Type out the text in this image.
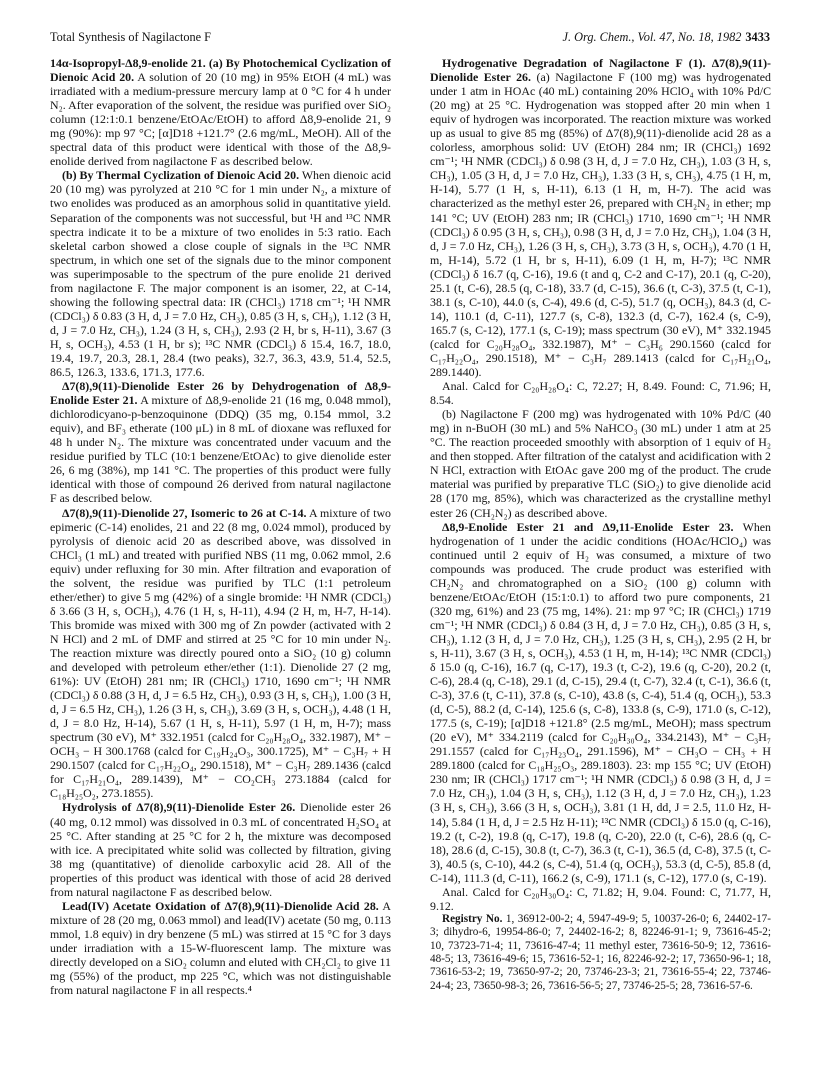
Total Synthesis of Nagilactone F	J. Org. Chem., Vol. 47, No. 18, 1982 3433

14α-Isopropyl-Δ8,9-enolide 21. (a) By Photochemical Cyclization of Dienoic Acid 20. A solution of 20 (10 mg) in 95% EtOH (4 mL) was irradiated with a medium-pressure mercury lamp at 0 °C for 4 h under N₂. After evaporation of the solvent, the residue was purified over SiO₂ column (12:1:0.1 benzene/EtOAc/EtOH) to afford Δ8,9-enolide 21, 9 mg (90%): mp 97 °C; [α]D18 +121.7° (2.6 mg/mL, MeOH). All of the spectral data of this product were identical with those of the Δ8,9-enolide derived from nagilactone F as described below.

(b) By Thermal Cyclization of Dienoic Acid 20. When dienoic acid 20 (10 mg) was pyrolyzed at 210 °C for 1 min under N₂, a mixture of two enolides was produced as an amorphous solid in quantitative yield. Separation of the components was not successful, but ¹H and ¹³C NMR spectra indicate it to be a mixture of two enolides in 5:3 ratio. Each skeletal carbon showed a close couple of signals in the ¹³C NMR spectrum, in which one set of the signals due to the minor component was superimposable to the spectrum of the pure enolide 21 derived from nagilactone F. The major component is an isomer, 22, at C-14, showing the following spectral data: IR (CHCl₃) 1718 cm⁻¹; ¹H NMR (CDCl₃) δ 0.83 (3 H, d, J = 7.0 Hz, CH₃), 0.85 (3 H, s, CH₃), 1.12 (3 H, d, J = 7.0 Hz, CH₃), 1.24 (3 H, s, CH₃), 2.93 (2 H, br s, H-11), 3.67 (3 H, s, OCH₃), 4.53 (1 H, br s); ¹³C NMR (CDCl₃) δ 15.4, 16.7, 18.0, 19.4, 19.7, 20.3, 28.1, 28.4 (two peaks), 32.7, 36.3, 43.9, 51.4, 52.5, 86.5, 126.3, 133.6, 171.3, 177.6.

Δ7(8),9(11)-Dienolide Ester 26 by Dehydrogenation of Δ8,9-Enolide Ester 21. A mixture of Δ8,9-enolide 21 (16 mg, 0.048 mmol), dichlorodicyano-p-benzoquinone (DDQ) (35 mg, 0.154 mmol, 3.2 equiv), and BF₃ etherate (100 μL) in 8 mL of dioxane was refluxed for 48 h under N₂. The mixture was concentrated under vacuum and the residue purified by TLC (10:1 benzene/EtOAc) to give dienolide ester 26, 6 mg (38%), mp 141 °C. The properties of this product were fully identical with those of compound 26 derived from natural nagilactone F as described below.

Δ7(8),9(11)-Dienolide 27, Isomeric to 26 at C-14. A mixture of two epimeric (C-14) enolides, 21 and 22 (8 mg, 0.024 mmol), produced by pyrolysis of dienoic acid 20 as described above, was dissolved in CHCl₃ (1 mL) and treated with purified NBS (11 mg, 0.062 mmol, 2.6 equiv) under refluxing for 30 min. After filtration and evaporation of the solvent, the residue was purified by TLC (1:1 petroleum ether/ether) to give 5 mg (42%) of a single bromide: ¹H NMR (CDCl₃) δ 3.66 (3 H, s, OCH₃), 4.76 (1 H, s, H-11), 4.94 (2 H, m, H-7, H-14). This bromide was mixed with 300 mg of Zn powder (activated with 2 N HCl) and 2 mL of DMF and stirred at 25 °C for 10 min under N₂. The reaction mixture was directly poured onto a SiO₂ (10 g) column and developed with petroleum ether/ether (1:1). Dienolide 27 (2 mg, 61%): UV (EtOH) 281 nm; IR (CHCl₃) 1710, 1690 cm⁻¹; ¹H NMR (CDCl₃) δ 0.88 (3 H, d, J = 6.5 Hz, CH₃), 0.93 (3 H, s, CH₃), 1.00 (3 H, d, J = 6.5 Hz, CH₃), 1.26 (3 H, s, CH₃), 3.69 (3 H, s, OCH₃), 4.48 (1 H, d, J = 8.0 Hz, H-14), 5.67 (1 H, s, H-11), 5.97 (1 H, m, H-7); mass spectrum (30 eV), M⁺ 332.1951 (calcd for C₂₀H₂₈O₄, 332.1987), M⁺ − OCH₃ − H 300.1768 (calcd for C₁₉H₂₄O₃, 300.1725), M⁺ − C₃H₇ + H 290.1507 (calcd for C₁₇H₂₂O₄, 290.1518), M⁺ − C₃H₇ 289.1436 (calcd for C₁₇H₂₁O₄, 289.1439), M⁺ − CO₂CH₃ 273.1884 (calcd for C₁₈H₂₅O₂, 273.1855).

Hydrolysis of Δ7(8),9(11)-Dienolide Ester 26. Dienolide ester 26 (40 mg, 0.12 mmol) was dissolved in 0.3 mL of concentrated H₂SO₄ at 25 °C. After standing at 25 °C for 2 h, the mixture was decomposed with ice. A precipitated white solid was collected by filtration, giving 38 mg (quantitative) of dienolide carboxylic acid 28. All of the properties of this product was identical with those of acid 28 derived from natural nagilactone F as described below.

Lead(IV) Acetate Oxidation of Δ7(8),9(11)-Dienolide Acid 28. A mixture of 28 (20 mg, 0.063 mmol) and lead(IV) acetate (50 mg, 0.113 mmol, 1.8 equiv) in dry benzene (5 mL) was stirred at 15 °C for 3 days under irradiation with a 15-W-fluorescent lamp. The mixture was directly developed on a SiO₂ column and eluted with CH₂Cl₂ to give 11 mg (55%) of the product, mp 225 °C, which was not distinguishable from natural nagilactone F in all respects.⁴

Hydrogenative Degradation of Nagilactone F (1). Δ7(8),9(11)-Dienolide Ester 26. (a) Nagilactone F (100 mg) was hydrogenated under 1 atm in HOAc (40 mL) containing 20% HClO₄ with 10% Pd/C (20 mg) at 25 °C. Hydrogenation was stopped after 20 min when 1 equiv of hydrogen was incorporated. The reaction mixture was worked up as usual to give 85 mg (85%) of Δ7(8),9(11)-dienolide acid 28 as a colorless, amorphous solid: UV (EtOH) 284 nm; IR (CHCl₃) 1692 cm⁻¹; ¹H NMR (CDCl₃) δ 0.98 (3 H, d, J = 7.0 Hz, CH₃), 1.03 (3 H, s, CH₃), 1.05 (3 H, d, J = 7.0 Hz, CH₃), 1.33 (3 H, s, CH₃), 4.75 (1 H, m, H-14), 5.77 (1 H, s, H-11), 6.13 (1 H, m, H-7). The acid was characterized as the methyl ester 26, prepared with CH₂N₂ in ether; mp 141 °C; UV (EtOH) 283 nm; IR (CHCl₃) 1710, 1690 cm⁻¹; ¹H NMR (CDCl₃) δ 0.95 (3 H, s, CH₃), 0.98 (3 H, d, J = 7.0 Hz, CH₃), 1.04 (3 H, d, J = 7.0 Hz, CH₃), 1.26 (3 H, s, CH₃), 3.73 (3 H, s, OCH₃), 4.70 (1 H, m, H-14), 5.72 (1 H, br s, H-11), 6.09 (1 H, m, H-7); ¹³C NMR (CDCl₃) δ 16.7 (q, C-16), 19.6 (t and q, C-2 and C-17), 20.1 (q, C-20), 25.1 (t, C-6), 28.5 (q, C-18), 33.7 (d, C-15), 36.6 (t, C-3), 37.5 (t, C-1), 38.1 (s, C-10), 44.0 (s, C-4), 49.6 (d, C-5), 51.7 (q, OCH₃), 84.3 (d, C-14), 110.1 (d, C-11), 127.7 (s, C-8), 132.3 (d, C-7), 162.4 (s, C-9), 165.7 (s, C-12), 177.1 (s, C-19); mass spectrum (30 eV), M⁺ 332.1945 (calcd for C₂₀H₂₈O₄, 332.1987), M⁺ − C₃H₆ 290.1560 (calcd for C₁₇H₂₂O₄, 290.1518), M⁺ − C₃H₇ 289.1413 (calcd for C₁₇H₂₁O₄, 289.1440).

Anal. Calcd for C₂₀H₂₈O₄: C, 72.27; H, 8.49. Found: C, 71.96; H, 8.54.

(b) Nagilactone F (200 mg) was hydrogenated with 10% Pd/C (40 mg) in n-BuOH (30 mL) and 5% NaHCO₃ (30 mL) under 1 atm at 25 °C. The reaction proceeded smoothly with absorption of 1 equiv of H₂ and then stopped. After filtration of the catalyst and acidification with 2 N HCl, extraction with EtOAc gave 200 mg of the product. The crude material was purified by preparative TLC (SiO₂) to give dienolide acid 28 (170 mg, 85%), which was characterized as the crystalline methyl ester 26 (CH₂N₂) as described above.

Δ8,9-Enolide Ester 21 and Δ9,11-Enolide Ester 23. When hydrogenation of 1 under the acidic conditions (HOAc/HClO₄) was continued until 2 equiv of H₂ was consumed, a mixture of two compounds was produced. The crude product was esterified with CH₂N₂ and chromatographed on a SiO₂ (100 g) column with benzene/EtOAc/EtOH (15:1:0.1) to afford two pure components, 21 (320 mg, 61%) and 23 (75 mg, 14%). 21: mp 97 °C; IR (CHCl₃) 1719 cm⁻¹; ¹H NMR (CDCl₃) δ 0.84 (3 H, d, J = 7.0 Hz, CH₃), 0.85 (3 H, s, CH₃), 1.12 (3 H, d, J = 7.0 Hz, CH₃), 1.25 (3 H, s, CH₃), 2.95 (2 H, br s, H-11), 3.67 (3 H, s, OCH₃), 4.53 (1 H, m, H-14); ¹³C NMR (CDCl₃) δ 15.0 (q, C-16), 16.7 (q, C-17), 19.3 (t, C-2), 19.6 (q, C-20), 20.2 (t, C-6), 28.4 (q, C-18), 29.1 (d, C-15), 29.4 (t, C-7), 32.4 (t, C-1), 36.6 (t, C-3), 37.6 (t, C-11), 37.8 (s, C-10), 43.8 (s, C-4), 51.4 (q, OCH₃), 53.3 (d, C-5), 88.2 (d, C-14), 125.6 (s, C-8), 133.8 (s, C-9), 171.0 (s, C-12), 177.5 (s, C-19); [α]D18 +121.8° (2.5 mg/mL, MeOH); mass spectrum (20 eV), M⁺ 334.2119 (calcd for C₂₀H₃₀O₄, 334.2143), M⁺ − C₃H₇ 291.1557 (calcd for C₁₇H₂₃O₄, 291.1596), M⁺ − CH₃O − CH₃ + H 289.1800 (calcd for C₁₈H₂₅O₃, 289.1803). 23: mp 155 °C; UV (EtOH) 230 nm; IR (CHCl₃) 1717 cm⁻¹; ¹H NMR (CDCl₃) δ 0.98 (3 H, d, J = 7.0 Hz, CH₃), 1.04 (3 H, s, CH₃), 1.12 (3 H, d, J = 7.0 Hz, CH₃), 1.23 (3 H, s, CH₃), 3.66 (3 H, s, OCH₃), 3.81 (1 H, dd, J = 2.5, 11.0 Hz, H-14), 5.84 (1 H, d, J = 2.5 Hz H-11); ¹³C NMR (CDCl₃) δ 15.0 (q, C-16), 19.2 (t, C-2), 19.8 (q, C-17), 19.8 (q, C-20), 22.0 (t, C-6), 28.6 (q, C-18), 28.6 (d, C-15), 30.8 (t, C-7), 36.3 (t, C-1), 36.5 (d, C-8), 37.5 (t, C-3), 40.5 (s, C-10), 44.2 (s, C-4), 51.4 (q, OCH₃), 53.3 (d, C-5), 85.8 (d, C-14), 111.3 (d, C-11), 166.2 (s, C-9), 171.1 (s, C-12), 177.0 (s, C-19).

Anal. Calcd for C₂₀H₃₀O₄: C, 71.82; H, 9.04. Found: C, 71.77, H, 9.12.

Registry No. 1, 36912-00-2; 4, 5947-49-9; 5, 10037-26-0; 6, 24402-17-3; dihydro-6, 19954-86-0; 7, 24402-16-2; 8, 82246-91-1; 9, 73616-45-2; 10, 73723-71-4; 11, 73616-47-4; 11 methyl ester, 73616-50-9; 12, 73616-48-5; 13, 73616-49-6; 15, 73616-52-1; 16, 82246-92-2; 17, 73650-96-1; 18, 73616-53-2; 19, 73650-97-2; 20, 73746-23-3; 21, 73616-55-4; 22, 73746-24-4; 23, 73650-98-3; 26, 73616-56-5; 27, 73746-25-5; 28, 73616-57-6.
